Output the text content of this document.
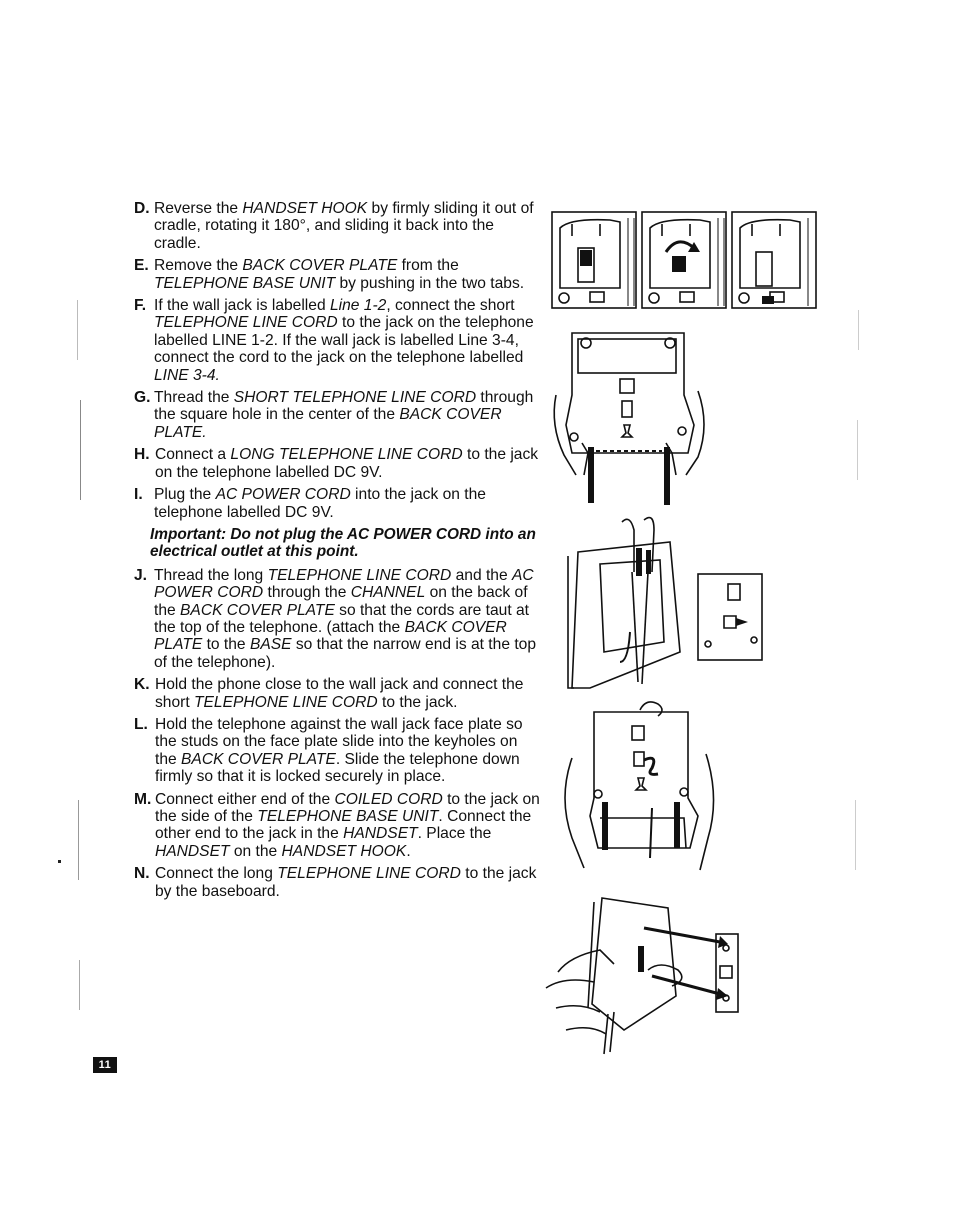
D. Reverse the HANDSET HOOK by firmly sliding it out of cradle, rotating it 180°, and sliding it back into the cradle.
E. Remove the BACK COVER PLATE from the TELEPHONE BASE UNIT by pushing in the two tabs.
F. If the wall jack is labelled Line 1-2, connect the short TELEPHONE LINE CORD to the jack on the telephone labelled LINE 1-2. If the wall jack is labelled Line 3-4, connect the cord to the jack on the telephone labelled LINE 3-4.
G. Thread the SHORT TELEPHONE LINE CORD through the square hole in the center of the BACK COVER PLATE.
H. Connect a LONG TELEPHONE LINE CORD to the jack on the telephone labelled DC 9V.
I. Plug the AC POWER CORD into the jack on the telephone labelled DC 9V.
Important: Do not plug the AC POWER CORD into an electrical outlet at this point.
J. Thread the long TELEPHONE LINE CORD and the AC POWER CORD through the CHANNEL on the back of the BACK COVER PLATE so that the cords are taut at the top of the telephone. (attach the BACK COVER PLATE to the BASE so that the narrow end is at the top of the telephone).
K. Hold the phone close to the wall jack and connect the short TELEPHONE LINE CORD to the jack.
L. Hold the telephone against the wall jack face plate so the studs on the face plate slide into the keyholes on the BACK COVER PLATE. Slide the telephone down firmly so that it is locked securely in place.
M. Connect either end of the COILED CORD to the jack on the side of the TELEPHONE BASE UNIT. Connect the other end to the jack in the HANDSET. Place the HANDSET on the HANDSET HOOK.
N. Connect the long TELEPHONE LINE CORD to the jack by the baseboard.
11
